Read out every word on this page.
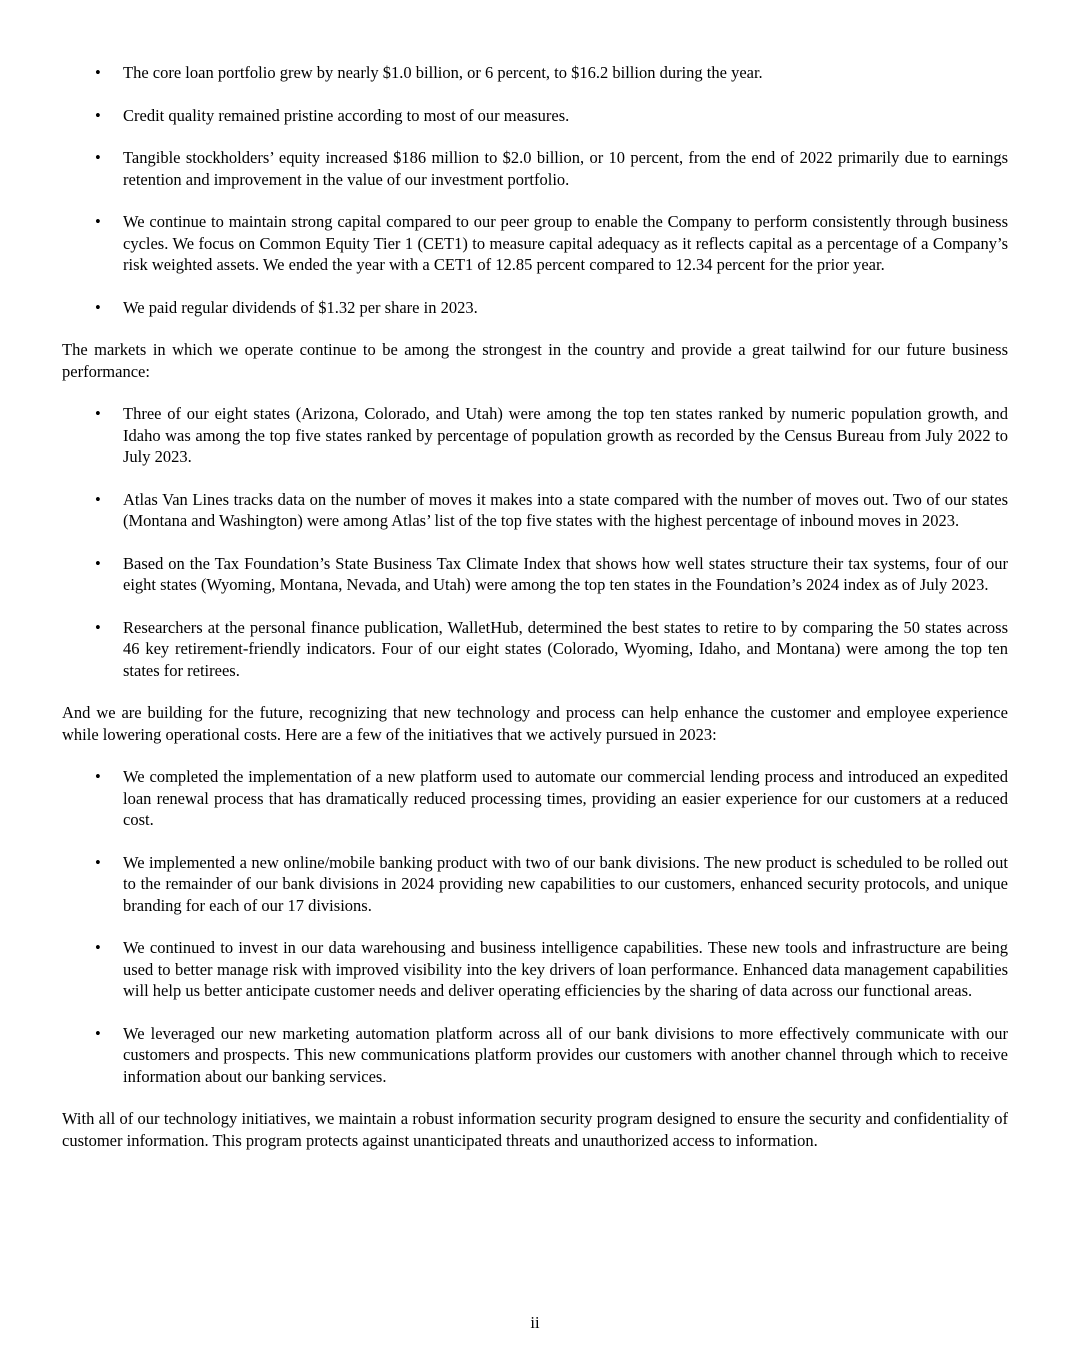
•	The core loan portfolio grew by nearly $1.0 billion, or 6 percent, to $16.2 billion during the year.
•	Credit quality remained pristine according to most of our measures.
•	Tangible stockholders’ equity increased $186 million to $2.0 billion, or 10 percent, from the end of 2022 primarily due to earnings retention and improvement in the value of our investment portfolio.
•	We continue to maintain strong capital compared to our peer group to enable the Company to perform consistently through business cycles. We focus on Common Equity Tier 1 (CET1) to measure capital adequacy as it reflects capital as a percentage of a Company’s risk weighted assets. We ended the year with a CET1 of 12.85 percent compared to 12.34 percent for the prior year.
•	We paid regular dividends of $1.32 per share in 2023.

The markets in which we operate continue to be among the strongest in the country and provide a great tailwind for our future business performance:

•	Three of our eight states (Arizona, Colorado, and Utah) were among the top ten states ranked by numeric population growth, and Idaho was among the top five states ranked by percentage of population growth as recorded by the Census Bureau from July 2022 to July 2023.
•	Atlas Van Lines tracks data on the number of moves it makes into a state compared with the number of moves out. Two of our states (Montana and Washington) were among Atlas’ list of the top five states with the highest percentage of inbound moves in 2023.
•	Based on the Tax Foundation’s State Business Tax Climate Index that shows how well states structure their tax systems, four of our eight states (Wyoming, Montana, Nevada, and Utah) were among the top ten states in the Foundation’s 2024 index as of July 2023.
•	Researchers at the personal finance publication, WalletHub, determined the best states to retire to by comparing the 50 states across 46 key retirement-friendly indicators. Four of our eight states (Colorado, Wyoming, Idaho, and Montana) were among the top ten states for retirees.

And we are building for the future, recognizing that new technology and process can help enhance the customer and employee experience while lowering operational costs. Here are a few of the initiatives that we actively pursued in 2023:

•	We completed the implementation of a new platform used to automate our commercial lending process and introduced an expedited loan renewal process that has dramatically reduced processing times, providing an easier experience for our customers at a reduced cost.
•	We implemented a new online/mobile banking product with two of our bank divisions. The new product is scheduled to be rolled out to the remainder of our bank divisions in 2024 providing new capabilities to our customers, enhanced security protocols, and unique branding for each of our 17 divisions.
•	We continued to invest in our data warehousing and business intelligence capabilities. These new tools and infrastructure are being used to better manage risk with improved visibility into the key drivers of loan performance. Enhanced data management capabilities will help us better anticipate customer needs and deliver operating efficiencies by the sharing of data across our functional areas.
•	We leveraged our new marketing automation platform across all of our bank divisions to more effectively communicate with our customers and prospects. This new communications platform provides our customers with another channel through which to receive information about our banking services.

With all of our technology initiatives, we maintain a robust information security program designed to ensure the security and confidentiality of customer information. This program protects against unanticipated threats and unauthorized access to information.

ii
